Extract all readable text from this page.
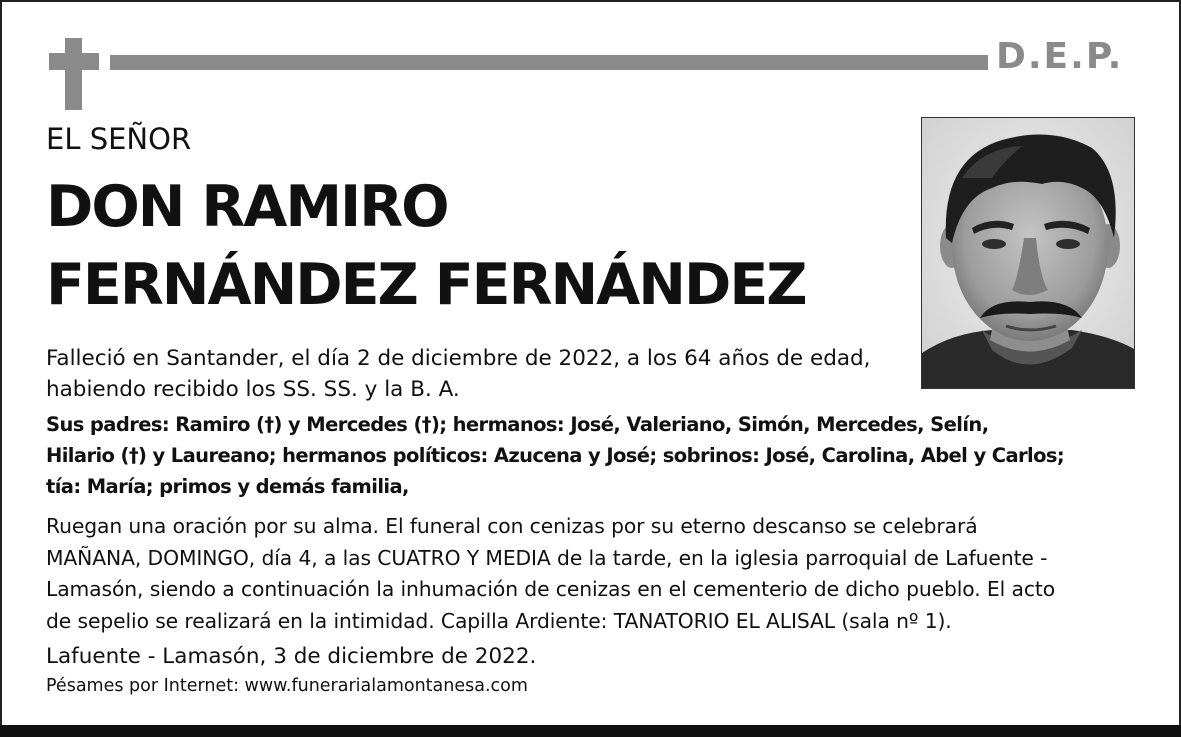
D.E.P.
EL SEÑOR
DON RAMIRO
FERNÁNDEZ FERNÁNDEZ
Falleció en Santander, el día 2 de diciembre de 2022, a los 64 años de edad,
habiendo recibido los SS. SS. y la B. A.
Sus padres: Ramiro (†) y Mercedes (†); hermanos: José, Valeriano, Simón, Mercedes, Selín,
Hilario (†) y Laureano; hermanos políticos: Azucena y José; sobrinos: José, Carolina, Abel y Carlos;
tía: María; primos y demás familia,
Ruegan una oración por su alma. El funeral con cenizas por su eterno descanso se celebrará
MAÑANA, DOMINGO, día 4, a las CUATRO Y MEDIA de la tarde, en la iglesia parroquial de Lafuente -
Lamasón, siendo a continuación la inhumación de cenizas en el cementerio de dicho pueblo. El acto
de sepelio se realizará en la intimidad. Capilla Ardiente: TANATORIO EL ALISAL (sala nº 1).
Lafuente - Lamasón, 3 de diciembre de 2022.
Pésames por Internet: www.funerarialamontanesa.com
